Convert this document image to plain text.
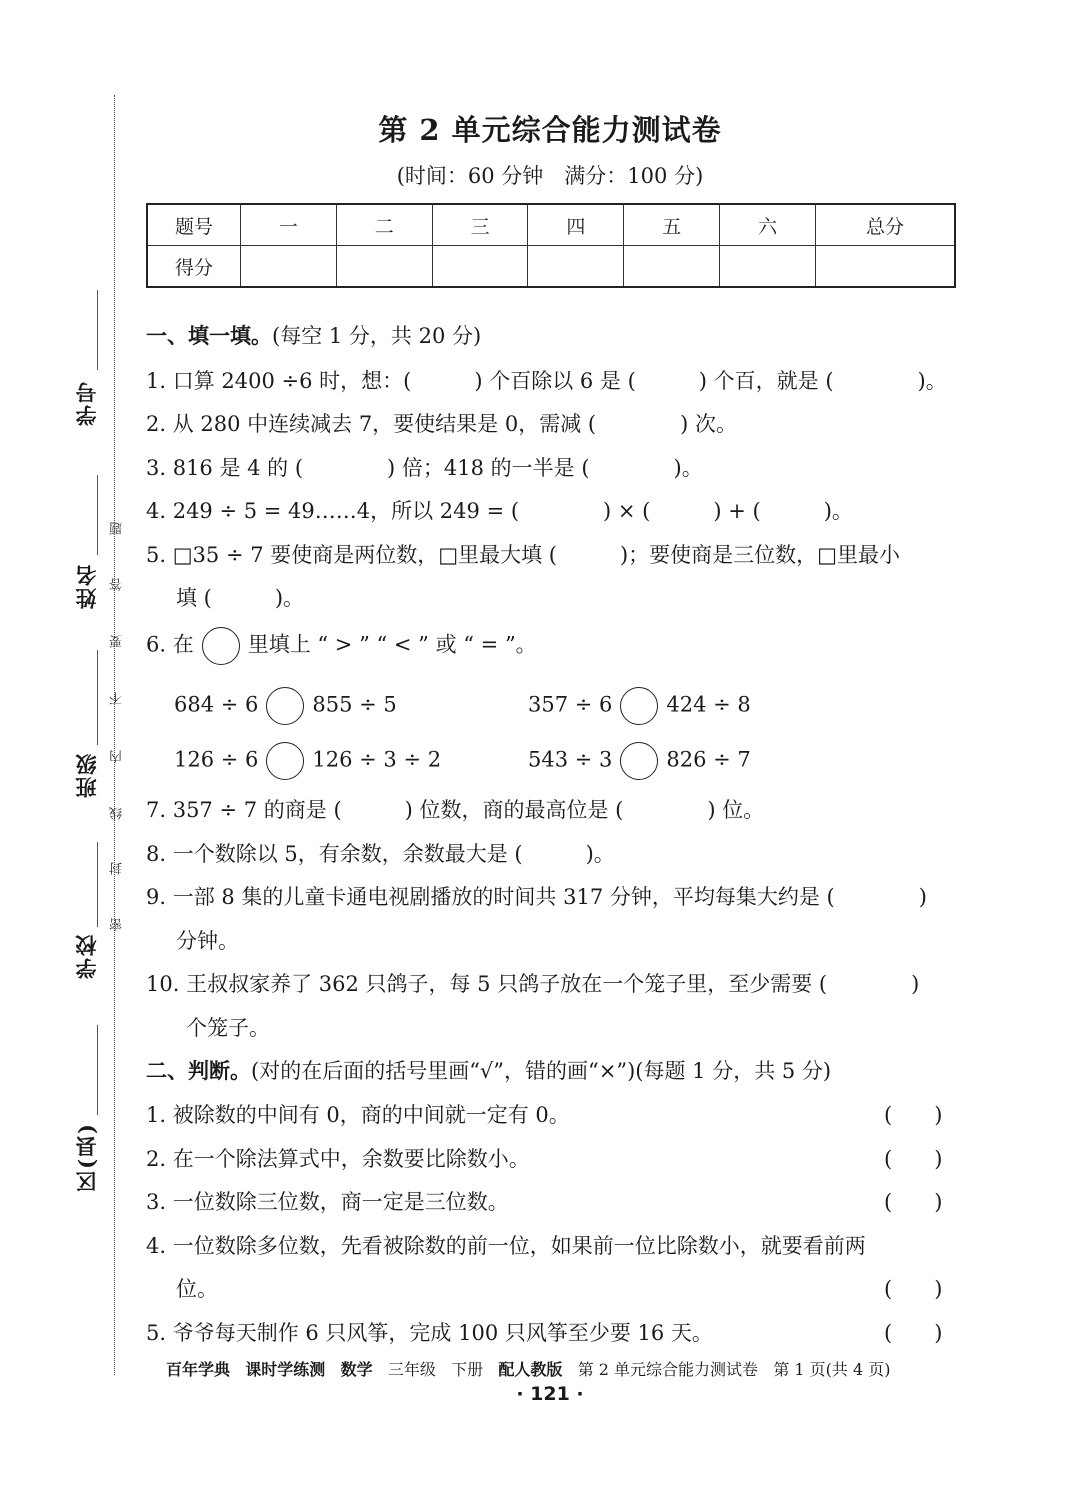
学号
姓名
班级
学校
区(县)
题
答
要
不
内
线
封
密
第 2 单元综合能力测试卷
(时间：60 分钟　满分：100 分)
题号	一	二	三	四	五	六	总分
得分							
一、填一填。(每空 1 分，共 20 分)
1. 口算 2400 ÷6 时，想：(　　　) 个百除以 6 是 (　　　) 个百，就是 (　　　　)。
2. 从 280 中连续减去 7，要使结果是 0，需减 (　　　　) 次。
3. 816 是 4 的 (　　　　) 倍；418 的一半是 (　　　　)。
4. 249 ÷ 5 = 49……4，所以 249 = (　　　　) × (　　　) + (　　　)。
5. □35 ÷ 7 要使商是两位数，□里最大填 (　　　)；要使商是三位数，□里最小
填 (　　　)。
6. 在	里填上 “ > ” “ < ” 或 “ = ”。
684 ÷ 6	855 ÷ 5	357 ÷ 6	424 ÷ 8
126 ÷ 6	126 ÷ 3 ÷ 2	543 ÷ 3	826 ÷ 7
7. 357 ÷ 7 的商是 (　　　) 位数，商的最高位是 (　　　　) 位。
8. 一个数除以 5，有余数，余数最大是 (　　　)。
9. 一部 8 集的儿童卡通电视剧播放的时间共 317 分钟，平均每集大约是 (　　　　)
分钟。
10. 王叔叔家养了 362 只鸽子，每 5 只鸽子放在一个笼子里，至少需要 (　　　　)
个笼子。
二、判断。(对的在后面的括号里画“√”，错的画“×”)(每题 1 分，共 5 分)
1. 被除数的中间有 0，商的中间就一定有 0。	(　　)
2. 在一个除法算式中，余数要比除数小。	(　　)
3. 一位数除三位数，商一定是三位数。	(　　)
4. 一位数除多位数，先看被除数的前一位，如果前一位比除数小，就要看前两
位。	(　　)
5. 爷爷每天制作 6 只风筝，完成 100 只风筝至少要 16 天。	(　　)
百年学典 课时学练测 数学 三年级 下册 配人教版 第 2 单元综合能力测试卷 第 1 页(共 4 页)
· 121 ·
